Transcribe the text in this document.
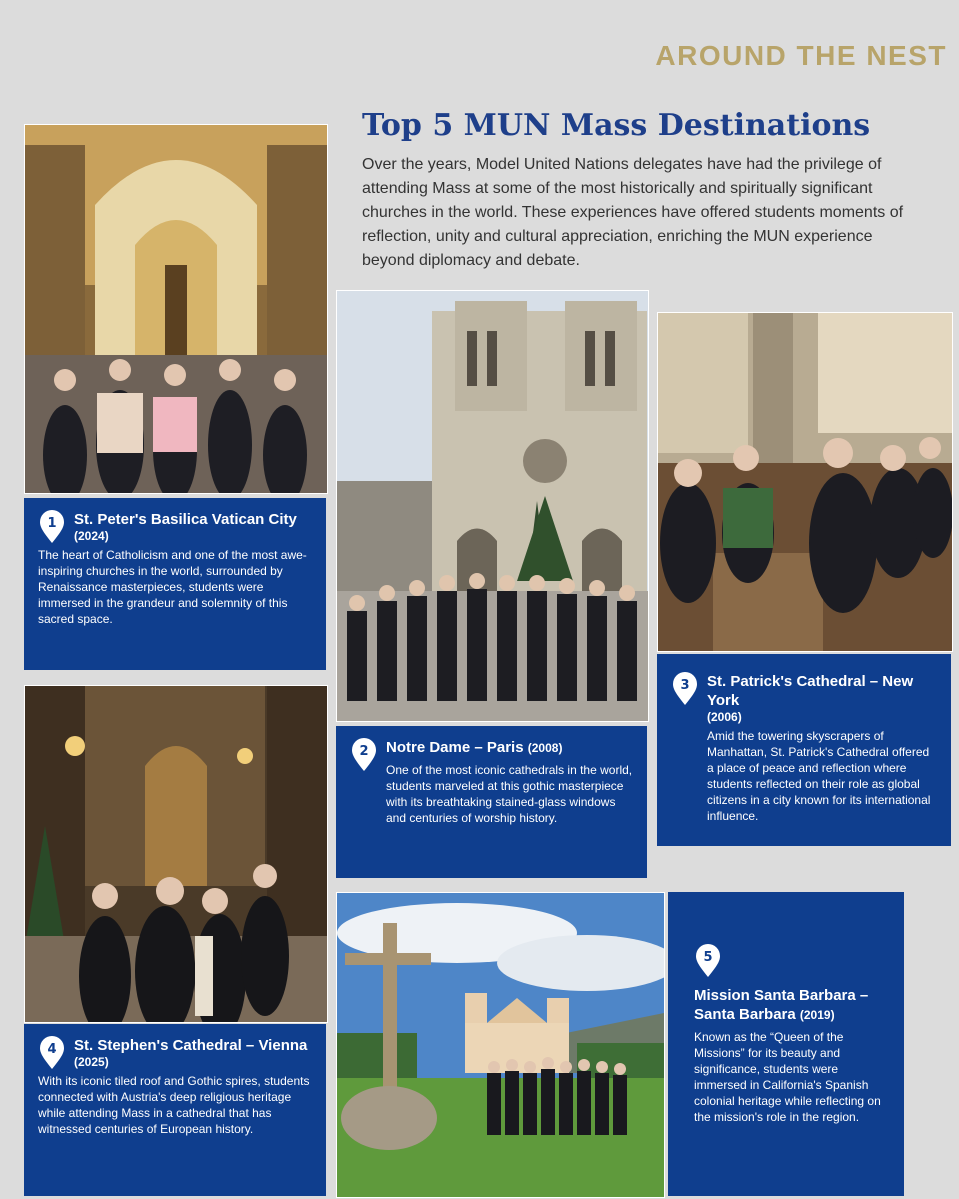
AROUND THE NEST
Top 5 MUN Mass Destinations
Over the years, Model United Nations delegates have had the privilege of attending Mass at some of the most historically and spiritually significant churches in the world. These experiences have offered students moments of reflection, unity and cultural appreciation, enriching the MUN experience beyond diplomacy and debate.
1 St. Peter's Basilica Vatican City
(2024)
The heart of Catholicism and one of the most awe-inspiring churches in the world, surrounded by Renaissance masterpieces, students were immersed in the grandeur and solemnity of this sacred space.
2 Notre Dame – Paris (2008)
One of the most iconic cathedrals in the world, students marveled at this gothic masterpiece with its breathtaking stained-glass windows and centuries of worship history.
3 St. Patrick's Cathedral – New York
(2006)
Amid the towering skyscrapers of Manhattan, St. Patrick's Cathedral offered a place of peace and reflection where students reflected on their role as global citizens in a city known for its international influence.
4 St. Stephen's Cathedral – Vienna
(2025)
With its iconic tiled roof and Gothic spires, students connected with Austria's deep religious heritage while attending Mass in a cathedral that has witnessed centuries of European history.
5
Mission Santa Barbara – Santa Barbara (2019)
Known as the “Queen of the Missions” for its beauty and significance, students were immersed in California's Spanish colonial heritage while reflecting on the mission's role in the region.
